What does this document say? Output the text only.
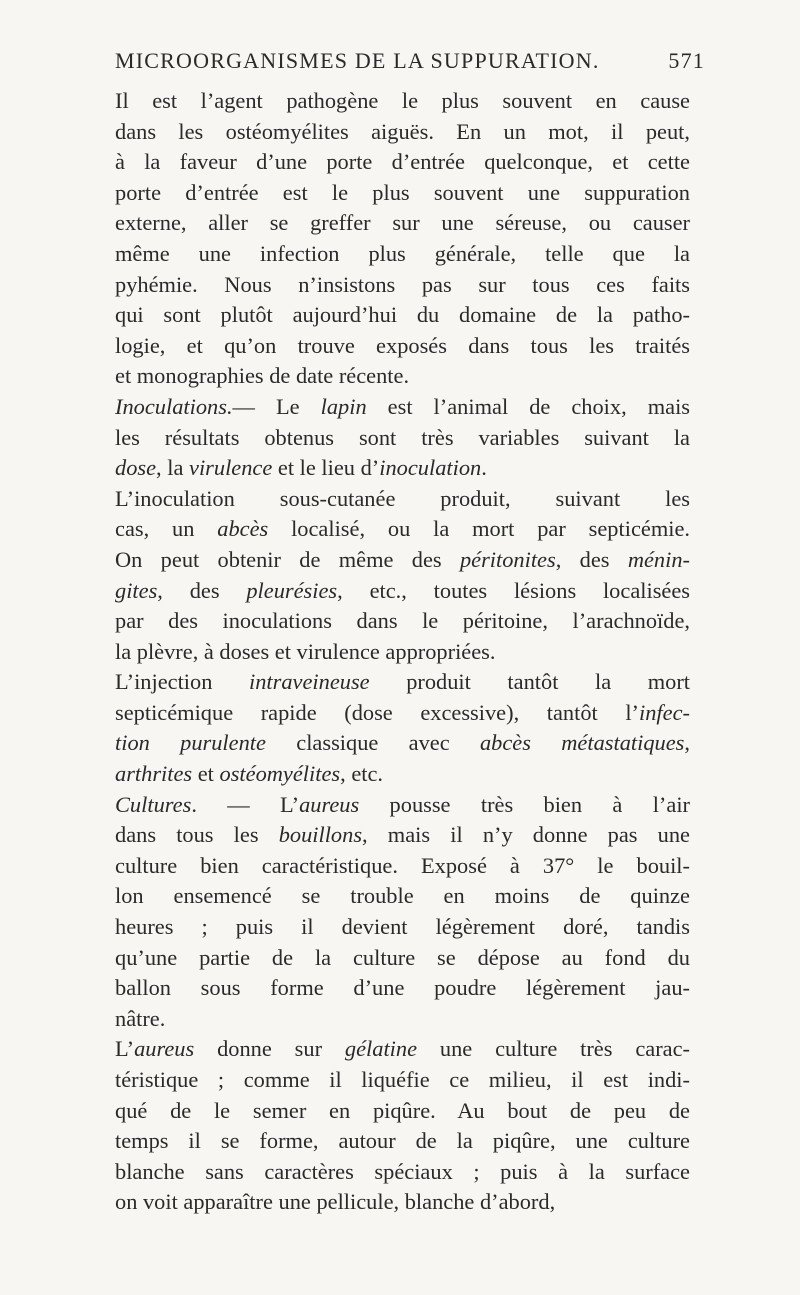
MICROORGANISMES DE LA SUPPURATION.	571
Il est l’agent pathogène le plus souvent en cause
dans les ostéomyélites aiguës. En un mot, il peut,
à la faveur d’une porte d’entrée quelconque, et cette
porte d’entrée est le plus souvent une suppuration
externe, aller se greffer sur une séreuse, ou causer
même une infection plus générale, telle que la
pyhémie. Nous n’insistons pas sur tous ces faits
qui sont plutôt aujourd’hui du domaine de la patho-
logie, et qu’on trouve exposés dans tous les traités
et monographies de date récente.
Inoculations.— Le lapin est l’animal de choix, mais
les résultats obtenus sont très variables suivant la
dose, la virulence et le lieu d’inoculation.
L’inoculation sous-cutanée produit, suivant les
cas, un abcès localisé, ou la mort par septicémie.
On peut obtenir de même des péritonites, des ménin-
gites, des pleurésies, etc., toutes lésions localisées
par des inoculations dans le péritoine, l’arachnoïde,
la plèvre, à doses et virulence appropriées.
L’injection intraveineuse produit tantôt la mort
septicémique rapide (dose excessive), tantôt l’infec-
tion purulente classique avec abcès métastatiques,
arthrites et ostéomyélites, etc.
Cultures. — L’aureus pousse très bien à l’air
dans tous les bouillons, mais il n’y donne pas une
culture bien caractéristique. Exposé à 37° le bouil-
lon ensemencé se trouble en moins de quinze
heures ; puis il devient légèrement doré, tandis
qu’une partie de la culture se dépose au fond du
ballon sous forme d’une poudre légèrement jau-
nâtre.
L’aureus donne sur gélatine une culture très carac-
téristique ; comme il liquéfie ce milieu, il est indi-
qué de le semer en piqûre. Au bout de peu de
temps il se forme, autour de la piqûre, une culture
blanche sans caractères spéciaux ; puis à la surface
on voit apparaître une pellicule, blanche d’abord,
